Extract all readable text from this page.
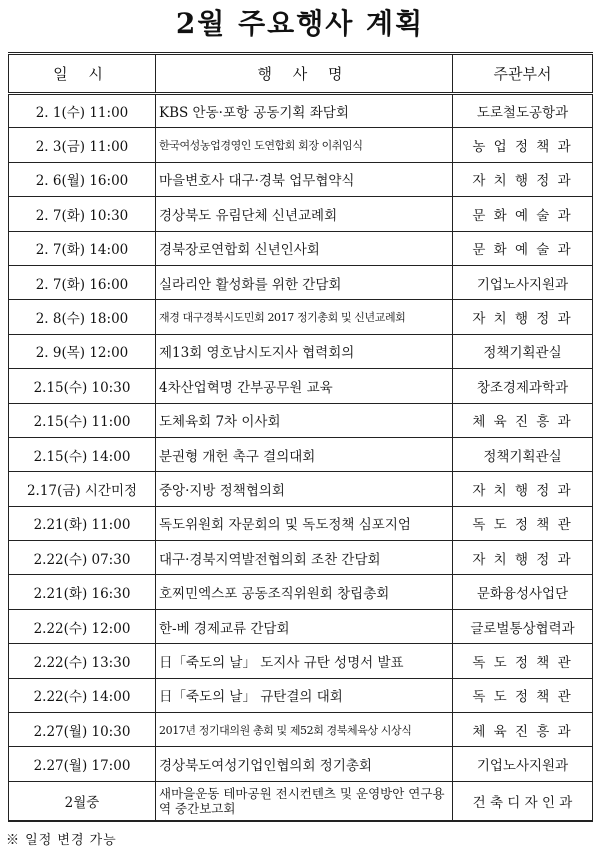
2월 주요행사 계획
일 시	행 사 명	주관부서
2. 1(수) 11:00	KBS 안동·포항 공동기획 좌담회	도로철도공항과
2. 3(금) 11:00	한국여성농업경영인 도연합회 회장 이취임식	농 업 정 책 과
2. 6(월) 16:00	마을변호사 대구·경북 업무협약식	자 치 행 정 과
2. 7(화) 10:30	경상북도 유림단체 신년교례회	문 화 예 술 과
2. 7(화) 14:00	경북장로연합회 신년인사회	문 화 예 술 과
2. 7(화) 16:00	실라리안 활성화를 위한 간담회	기업노사지원과
2. 8(수) 18:00	재경 대구경북시도민회 2017 정기총회 및 신년교례회	자 치 행 정 과
2. 9(목) 12:00	제13회 영호남시도지사 협력회의	정책기획관실
2.15(수) 10:30	4차산업혁명 간부공무원 교육	창조경제과학과
2.15(수) 11:00	도체육회 7차 이사회	체 육 진 흥 과
2.15(수) 14:00	분권형 개헌 촉구 결의대회	정책기획관실
2.17(금) 시간미정	중앙·지방 정책협의회	자 치 행 정 과
2.21(화) 11:00	독도위원회 자문회의 및 독도정책 심포지엄	독 도 정 책 관
2.22(수) 07:30	대구·경북지역발전협의회 조찬 간담회	자 치 행 정 과
2.21(화) 16:30	호찌민엑스포 공동조직위원회 창립총회	문화융성사업단
2.22(수) 12:00	한-베 경제교류 간담회	글로벌통상협력과
2.22(수) 13:30	日「죽도의 날」 도지사 규탄 성명서 발표	독 도 정 책 관
2.22(수) 14:00	日「죽도의 날」 규탄결의 대회	독 도 정 책 관
2.27(월) 10:30	2017년 정기대의원 총회 및 제52회 경북체육상 시상식	체 육 진 흥 과
2.27(월) 17:00	경상북도여성기업인협의회 정기총회	기업노사지원과
2월중	새마을운동 테마공원 전시컨텐츠 및 운영방안 연구용역 중간보고회	건 축 디 자 인 과
※ 일정 변경 가능
